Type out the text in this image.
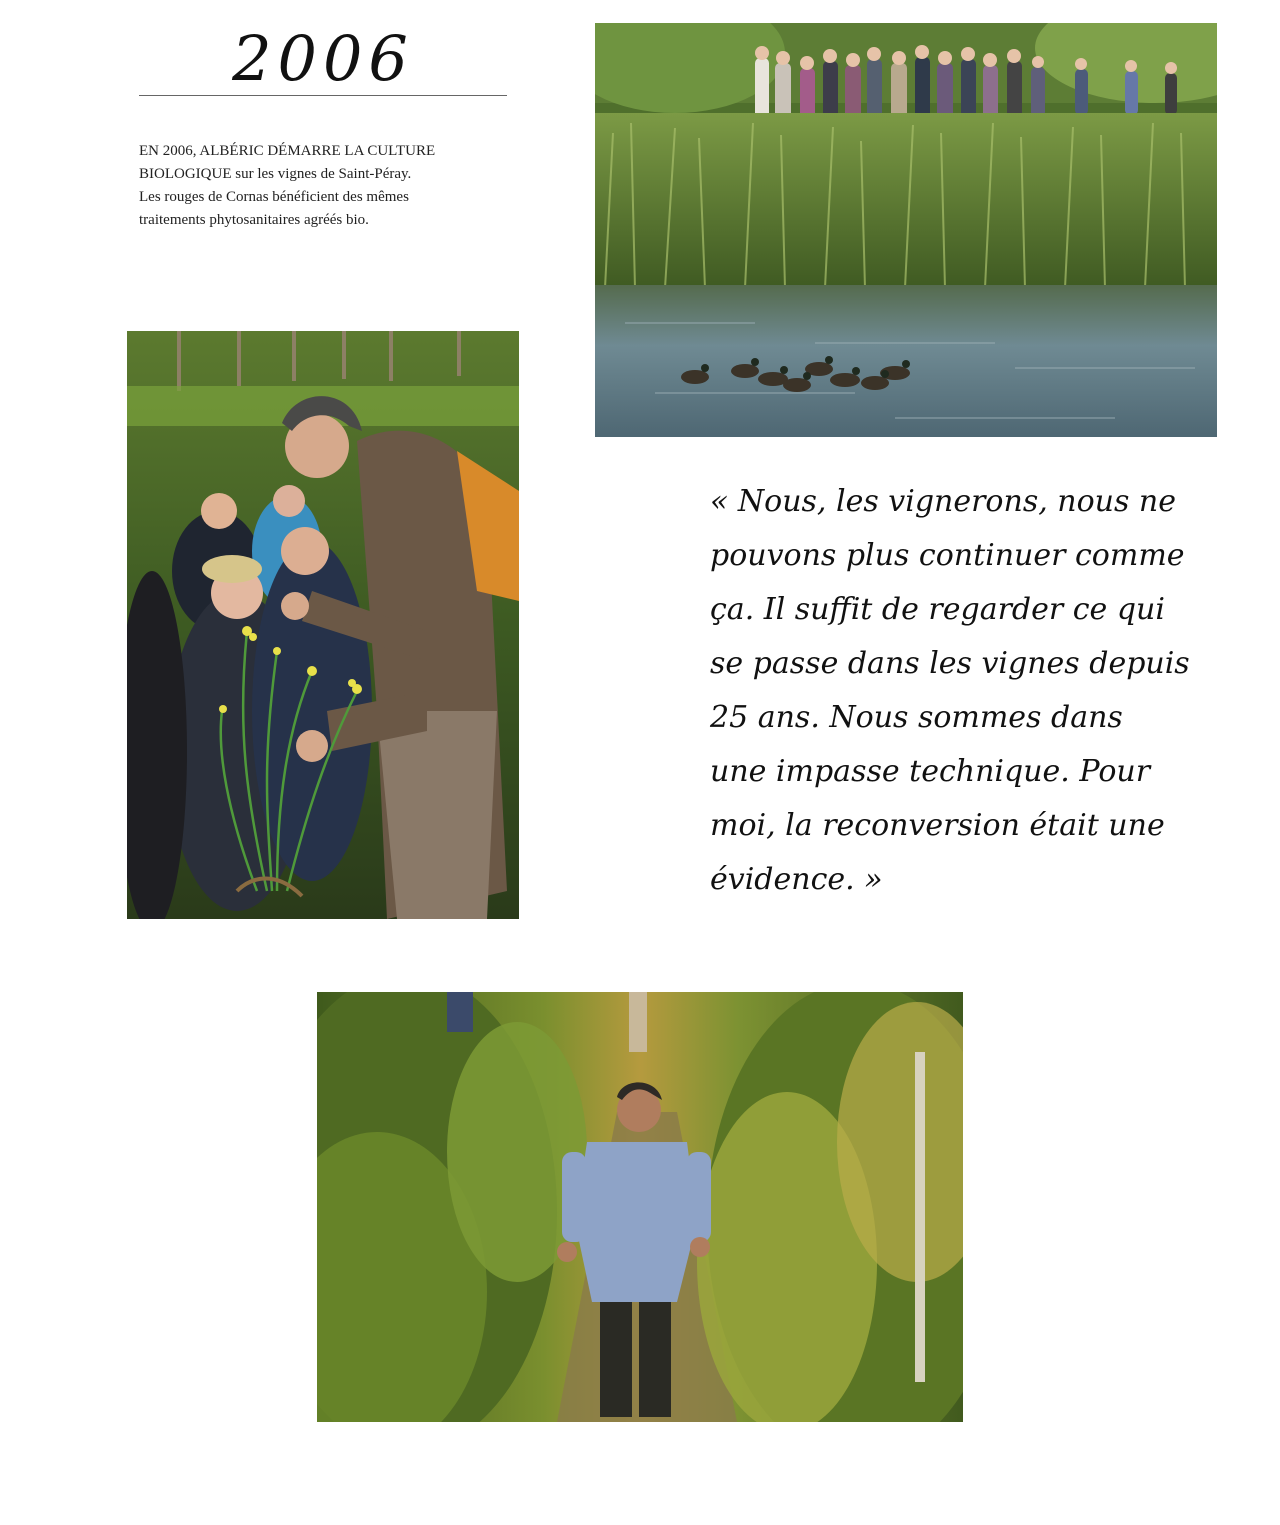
2006
EN 2006, ALBÉRIC DÉMARRE LA CULTURE
BIOLOGIQUE sur les vignes de Saint-Péray.
Les rouges de Cornas bénéficient des mêmes
traitements phytosanitaires agréés bio.
« Nous, les vignerons, nous ne
pouvons plus continuer comme
ça. Il suffit de regarder ce qui
se passe dans les vignes depuis
25 ans. Nous sommes dans
une impasse technique. Pour
moi, la reconversion était une
évidence. »
